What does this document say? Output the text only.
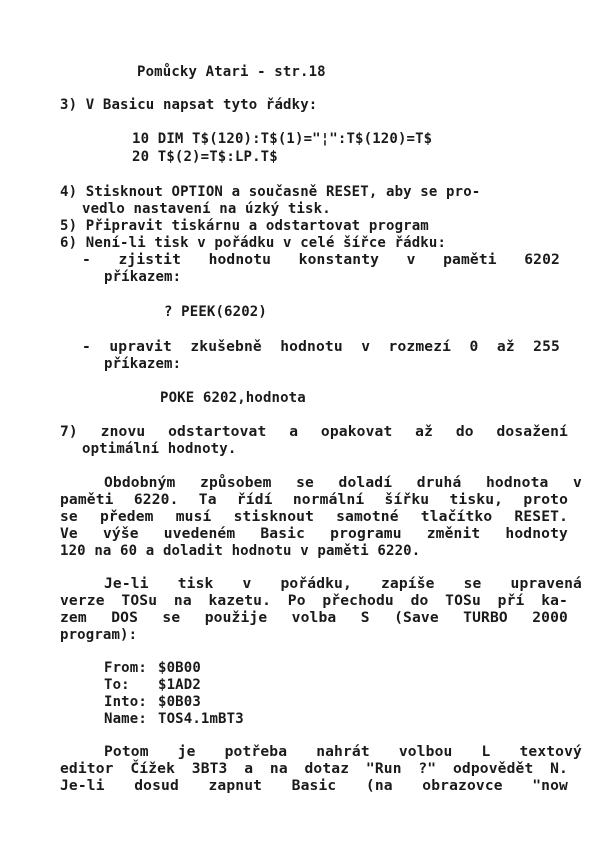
Pomůcky Atari - str.18

3) V Basicu napsat tyto řádky:

10 DIM T$(120):T$(1)="¦":T$(120)=T$

20 T$(2)=T$:LP.T$

4) Stisknout OPTION a současně RESET, aby se pro-

vedlo nastavení na úzký tisk.

5) Připravit tiskárnu a odstartovat program

6) Není-li tisk v pořádku v celé šířce řádku:

- zjistit hodnotu konstanty v paměti 6202

příkazem:

? PEEK(6202)

- upravit zkušebně hodnotu v rozmezí 0 až 255

příkazem:

POKE 6202,hodnota

7) znovu odstartovat a opakovat až do dosažení

optimální hodnoty.

Obdobným způsobem se doladí druhá hodnota v

paměti 6220. Ta řídí normální šířku tisku, proto

se předem musí stisknout samotné tlačítko RESET.

Ve výše uvedeném Basic programu změnit hodnoty

120 na 60 a doladit hodnotu v paměti 6220.

Je-li tisk v pořádku, zapíše se upravená

verze TOSu na kazetu. Po přechodu do TOSu pří ka-

zem DOS se použije volba S (Save TURBO 2000

program):

From: $0B00

To: $1AD2

Into: $0B03

Name: TOS4.1mBT3

Potom je potřeba nahrát volbou L textový

editor Čížek 3BT3 a na dotaz "Run ?" odpovědět N.

Je-li dosud zapnut Basic (na obrazovce "now
